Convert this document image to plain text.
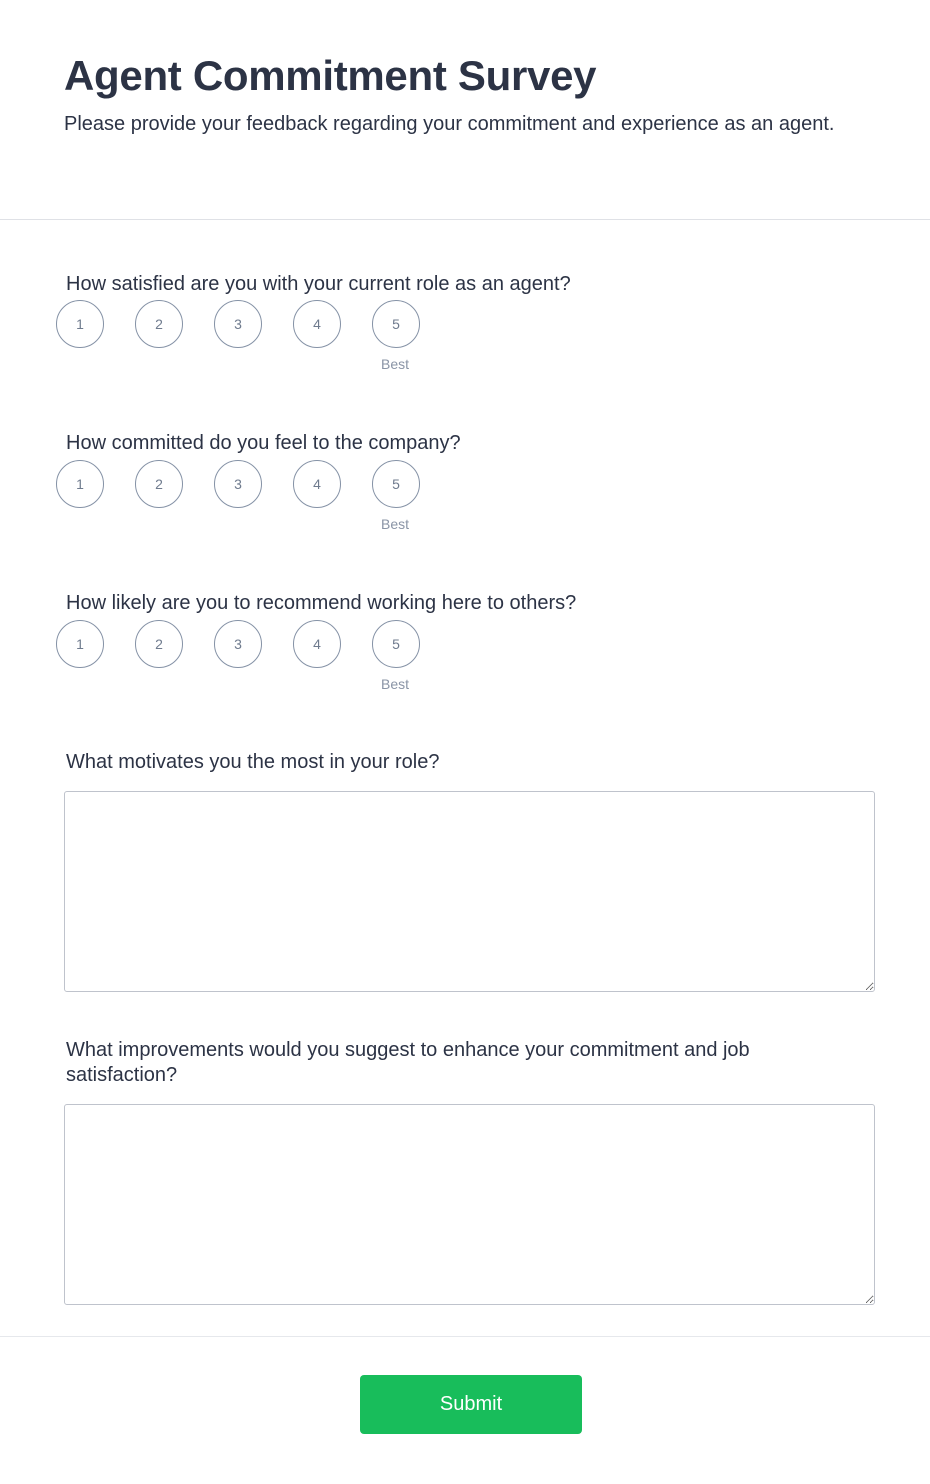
Agent Commitment Survey

Please provide your feedback regarding your commitment and experience as an agent.

How satisfied are you with your current role as an agent?

1	2	3	4	5
Best

How committed do you feel to the company?

1	2	3	4	5
Best

How likely are you to recommend working here to others?

1	2	3	4	5
Best

What motivates you the most in your role?

What improvements would you suggest to enhance your commitment and job satisfaction?

Submit
